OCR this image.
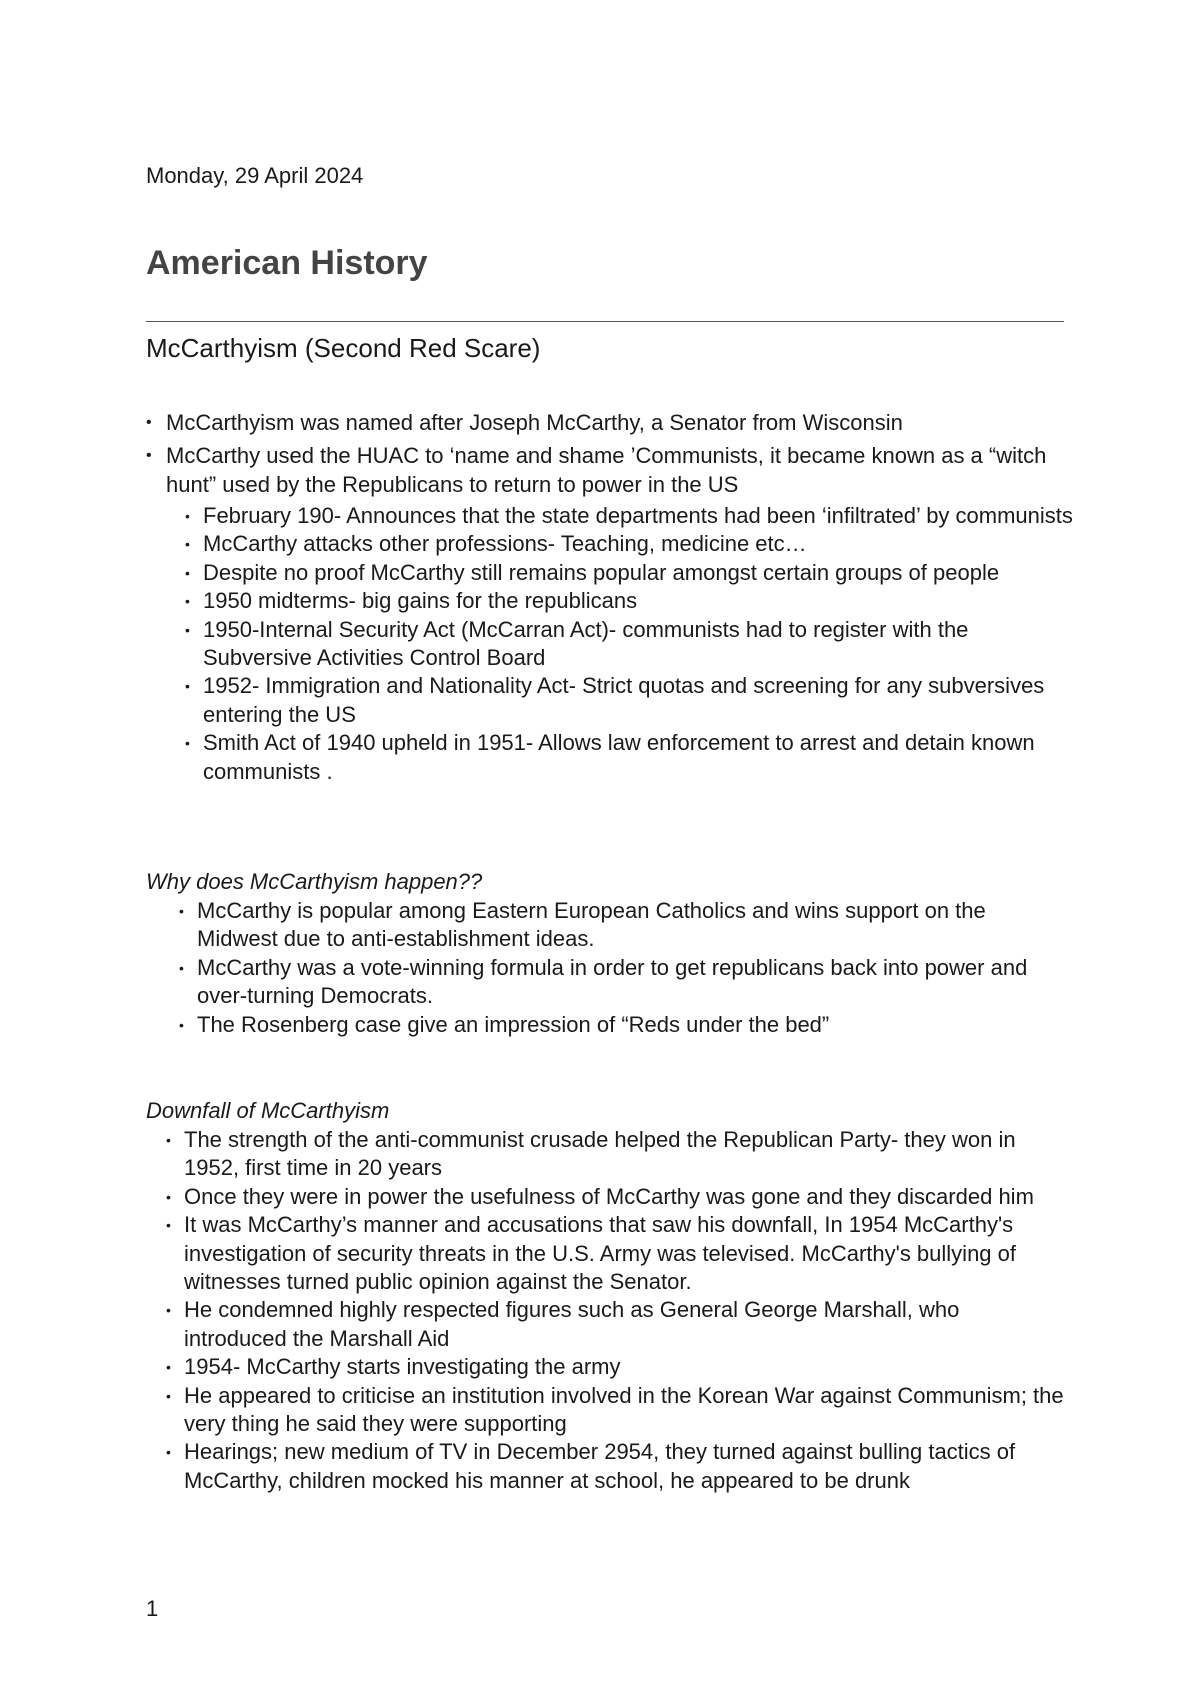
Monday, 29 April 2024
American History
McCarthyism (Second Red Scare)
• McCarthyism was named after Joseph McCarthy, a Senator from Wisconsin
• McCarthy used the HUAC to ‘name and shame ’Communists, it became known as a “witch hunt” used by the Republicans to return to power in the US
• February 190- Announces that the state departments had been ‘infiltrated’ by communists
• McCarthy attacks other professions- Teaching, medicine etc…
• Despite no proof McCarthy still remains popular amongst certain groups of people
• 1950 midterms- big gains for the republicans
• 1950-Internal Security Act (McCarran Act)- communists had to register with the Subversive Activities Control Board
• 1952- Immigration and Nationality Act- Strict quotas and screening for any subversives entering the US
• Smith Act of 1940 upheld in 1951- Allows law enforcement to arrest and detain known communists .
Why does McCarthyism happen??
• McCarthy is popular among Eastern European Catholics and wins support on the Midwest due to anti-establishment ideas.
• McCarthy was a vote-winning formula in order to get republicans back into power and over-turning Democrats.
• The Rosenberg case give an impression of “Reds under the bed”
Downfall of McCarthyism
• The strength of the anti-communist crusade helped the Republican Party- they won in 1952, first time in 20 years
• Once they were in power the usefulness of McCarthy was gone and they discarded him
• It was McCarthy’s manner and accusations that saw his downfall, In 1954 McCarthy's investigation of security threats in the U.S. Army was televised. McCarthy's bullying of witnesses turned public opinion against the Senator.
• He condemned highly respected figures such as General George Marshall, who introduced the Marshall Aid
• 1954- McCarthy starts investigating the army
• He appeared to criticise an institution involved in the Korean War against Communism; the very thing he said they were supporting
• Hearings; new medium of TV in December 2954, they turned against bulling tactics of McCarthy, children mocked his manner at school, he appeared to be drunk
1
